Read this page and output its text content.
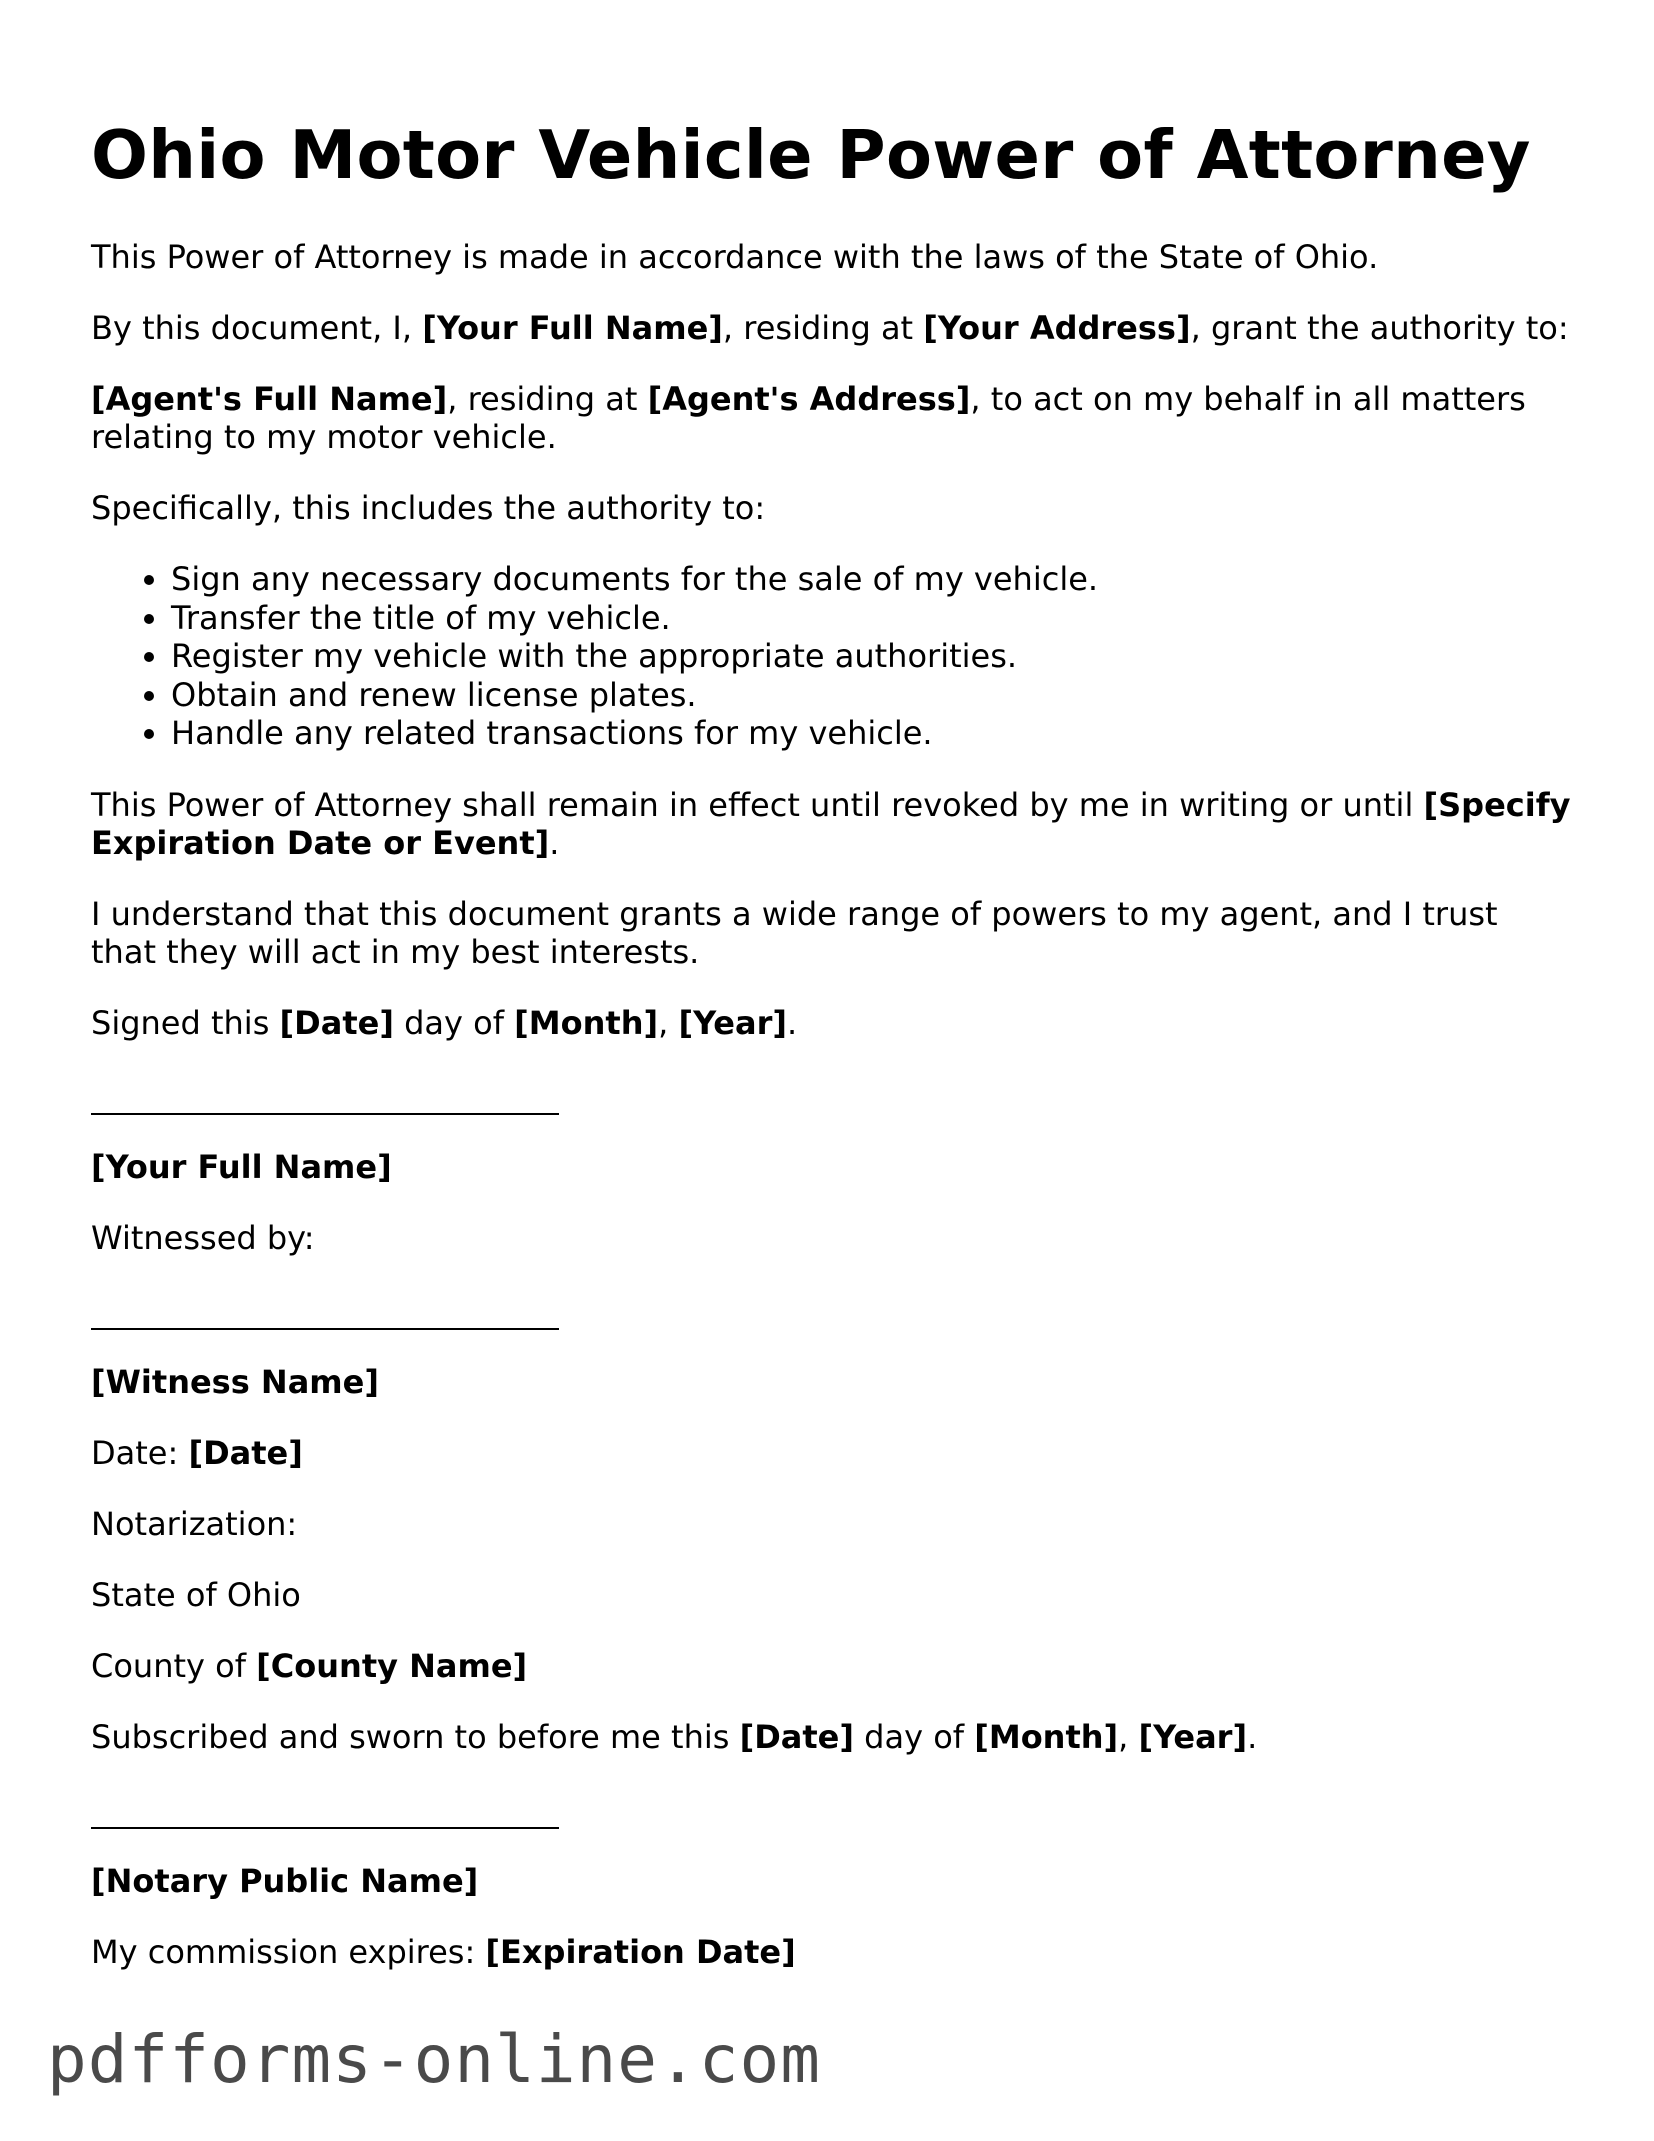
Ohio Motor Vehicle Power of Attorney

This Power of Attorney is made in accordance with the laws of the State of Ohio.

By this document, I, [Your Full Name], residing at [Your Address], grant the authority to:

[Agent's Full Name], residing at [Agent's Address], to act on my behalf in all matters relating to my motor vehicle.

Specifically, this includes the authority to:

• Sign any necessary documents for the sale of my vehicle.
• Transfer the title of my vehicle.
• Register my vehicle with the appropriate authorities.
• Obtain and renew license plates.
• Handle any related transactions for my vehicle.

This Power of Attorney shall remain in effect until revoked by me in writing or until [Specify Expiration Date or Event].

I understand that this document grants a wide range of powers to my agent, and I trust that they will act in my best interests.

Signed this [Date] day of [Month], [Year].

[Your Full Name]

Witnessed by:

[Witness Name]

Date: [Date]

Notarization:

State of Ohio

County of [County Name]

Subscribed and sworn to before me this [Date] day of [Month], [Year].

[Notary Public Name]

My commission expires: [Expiration Date]

pdfforms-online.com
